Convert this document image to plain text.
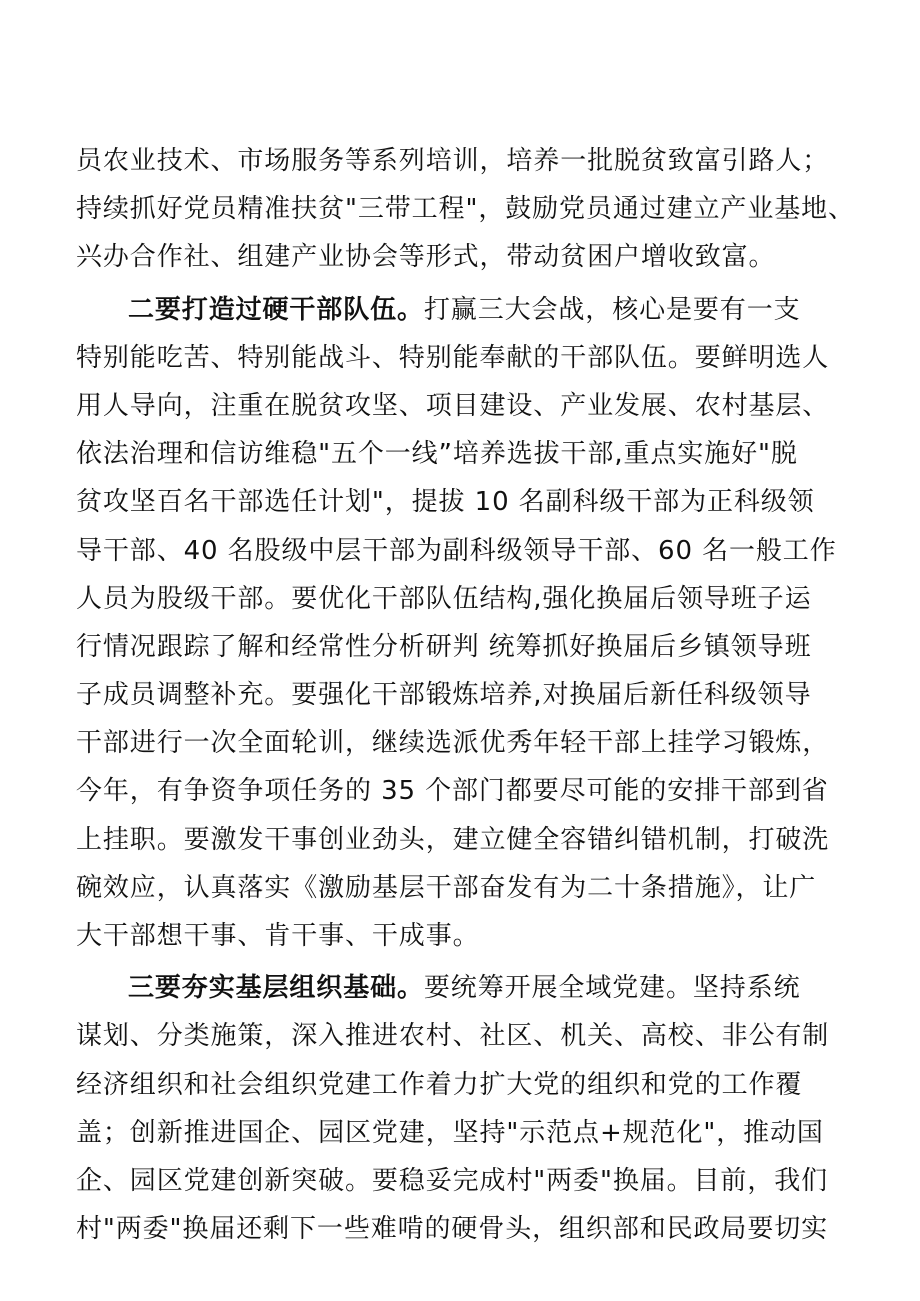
员农业技术、市场服务等系列培训，培养一批脱贫致富引路人；
持续抓好党员精准扶贫"三带工程"，鼓励党员通过建立产业基地、
兴办合作社、组建产业协会等形式，带动贫困户增收致富。
二要打造过硬干部队伍。打赢三大会战，核心是要有一支
特别能吃苦、特别能战斗、特别能奉献的干部队伍。要鲜明选人
用人导向，注重在脱贫攻坚、项目建设、产业发展、农村基层、
依法治理和信访维稳"五个一线”培养选拔干部,重点实施好"脱
贫攻坚百名干部选任计划"，提拔 10 名副科级干部为正科级领
导干部、40 名股级中层干部为副科级领导干部、60 名一般工作
人员为股级干部。要优化干部队伍结构,强化换届后领导班子运
行情况跟踪了解和经常性分析研判 统筹抓好换届后乡镇领导班
子成员调整补充。要强化干部锻炼培养,对换届后新任科级领导
干部进行一次全面轮训，继续选派优秀年轻干部上挂学习锻炼，
今年，有争资争项任务的 35 个部门都要尽可能的安排干部到省
上挂职。要激发干事创业劲头，建立健全容错纠错机制，打破洗
碗效应，认真落实《激励基层干部奋发有为二十条措施》，让广
大干部想干事、肯干事、干成事。
三要夯实基层组织基础。要统筹开展全域党建。坚持系统
谋划、分类施策，深入推进农村、社区、机关、高校、非公有制
经济组织和社会组织党建工作着力扩大党的组织和党的工作覆
盖；创新推进国企、园区党建，坚持"示范点+规范化"，推动国
企、园区党建创新突破。要稳妥完成村"两委"换届。目前，我们
村"两委"换届还剩下一些难啃的硬骨头，组织部和民政局要切实
